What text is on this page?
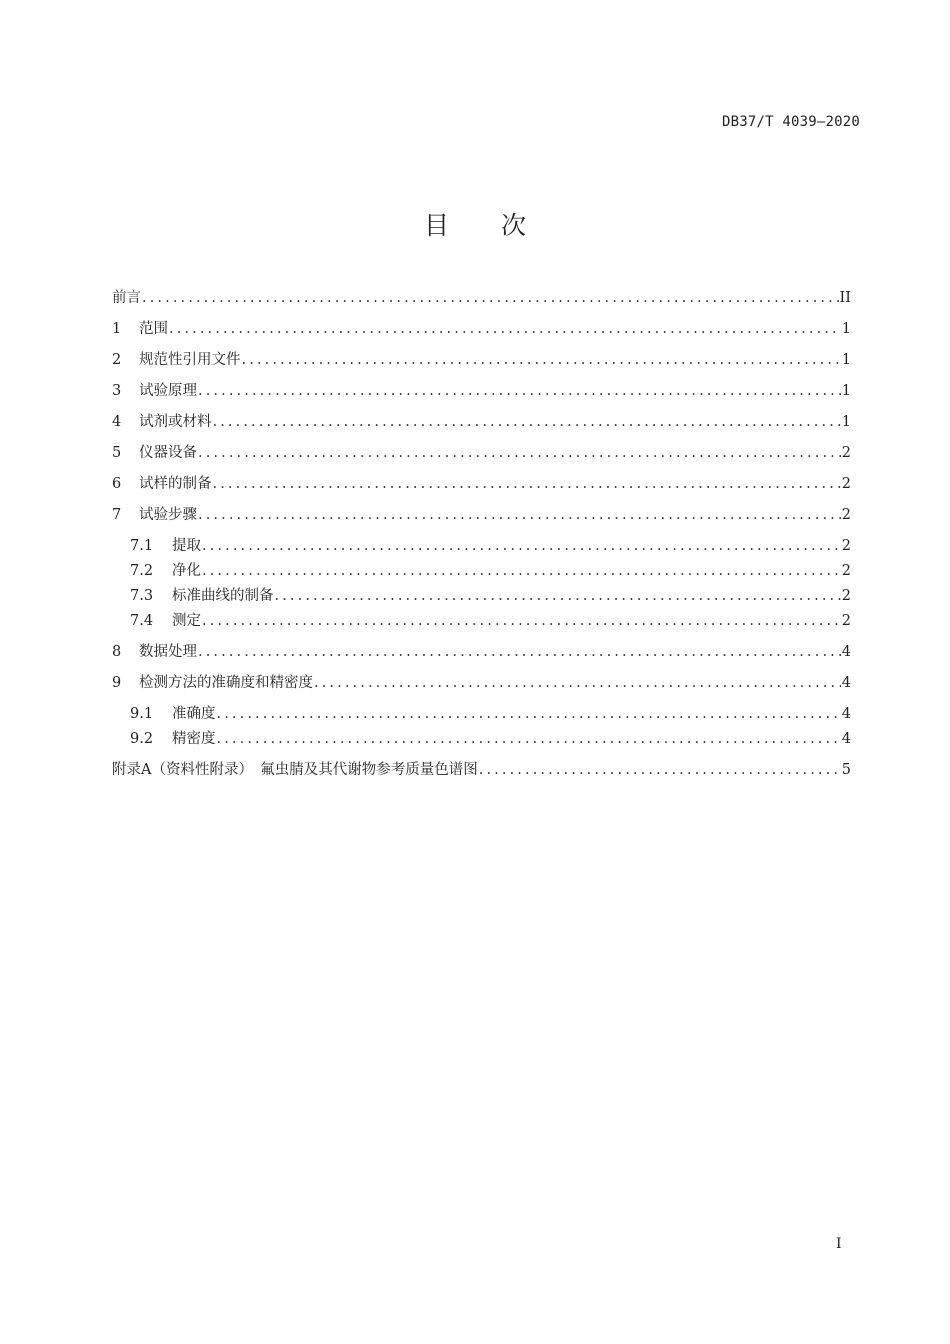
DB37/T 4039—2020
目 次
前言 .....	II
1	范围 .....	1
2	规范性引用文件 .....	1
3	试验原理 .....	1
4	试剂或材料 .....	1
5	仪器设备 .....	2
6	试样的制备 .....	2
7	试验步骤 .....	2
7.1	提取 .....	2
7.2	净化 .....	2
7.3	标准曲线的制备 .....	2
7.4	测定 .....	2
8	数据处理 .....	4
9	检测方法的准确度和精密度 .....	4
9.1	准确度 .....	4
9.2	精密度 .....	4
附录A（资料性附录）　氟虫腈及其代谢物参考质量色谱图 .....	5
I
